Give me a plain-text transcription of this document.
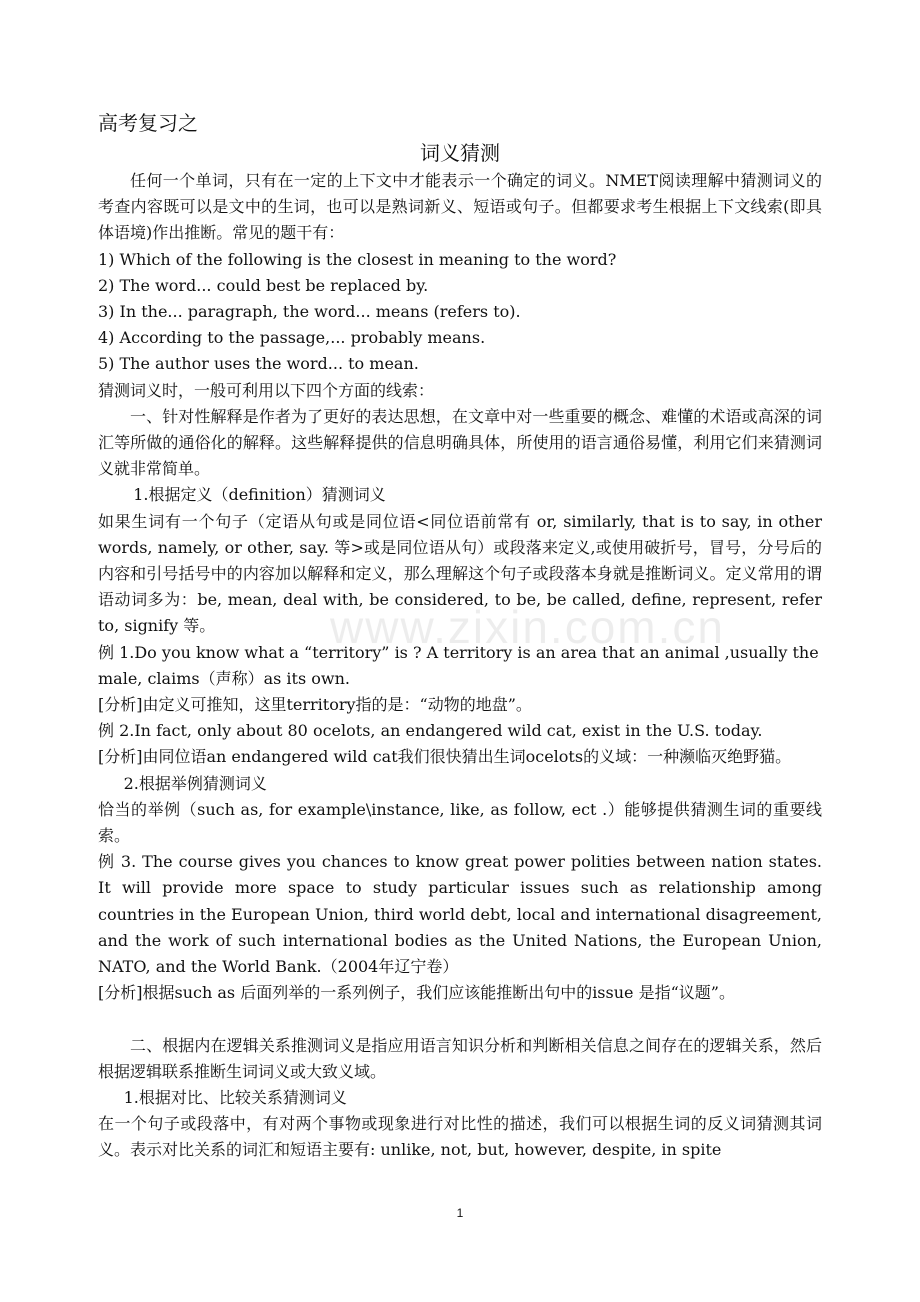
www.zixin.com.cn

高考复习之

词义猜测

任何一个单词，只有在一定的上下文中才能表示一个确定的词义。NMET阅读理解中猜测词义的考查内容既可以是文中的生词，也可以是熟词新义、短语或句子。但都要求考生根据上下文线索(即具体语境)作出推断。常见的题干有：

1) Which of the following is the closest in meaning to the word?

2) The word... could best be replaced by.

3) In the... paragraph, the word... means (refers to).

4) According to the passage,... probably means.

5) The author uses the word... to mean.

猜测词义时，一般可利用以下四个方面的线索：

一、针对性解释是作者为了更好的表达思想，在文章中对一些重要的概念、难懂的术语或高深的词汇等所做的通俗化的解释。这些解释提供的信息明确具体，所使用的语言通俗易懂，利用它们来猜测词义就非常简单。

1.根据定义（definition）猜测词义

如果生词有一个句子（定语从句或是同位语<同位语前常有 or, similarly, that is to say, in other words, namely, or other, say. 等>或是同位语从句）或段落来定义,或使用破折号，冒号，分号后的内容和引号括号中的内容加以解释和定义，那么理解这个句子或段落本身就是推断词义。定义常用的谓语动词多为：be, mean, deal with, be considered, to be, be called, define, represent, refer to, signify 等。

例 1.Do you know what a “territory” is ? A territory is an area that an animal ,usually the male, claims（声称）as its own.

[分析]由定义可推知，这里territory指的是：“动物的地盘”。

例 2.In fact, only about 80 ocelots, an endangered wild cat, exist in the U.S. today.

[分析]由同位语an endangered wild cat我们很快猜出生词ocelots的义域：一种濒临灭绝野猫。

2.根据举例猜测词义

恰当的举例（such as, for example\instance, like, as follow, ect .）能够提供猜测生词的重要线索。

例 3. The course gives you chances to know great power polities between nation states. It will provide more space to study particular issues such as relationship among countries in the European Union, third world debt, local and international disagreement, and the work of such international bodies as the United Nations, the European Union, NATO, and the World Bank.（2004年辽宁卷）

[分析]根据such as 后面列举的一系列例子，我们应该能推断出句中的issue 是指“议题”。

二、根据内在逻辑关系推测词义是指应用语言知识分析和判断相关信息之间存在的逻辑关系，然后根据逻辑联系推断生词词义或大致义域。

1.根据对比、比较关系猜测词义

在一个句子或段落中，有对两个事物或现象进行对比性的描述，我们可以根据生词的反义词猜测其词义。表示对比关系的词汇和短语主要有: unlike, not, but, however, despite, in spite

1
